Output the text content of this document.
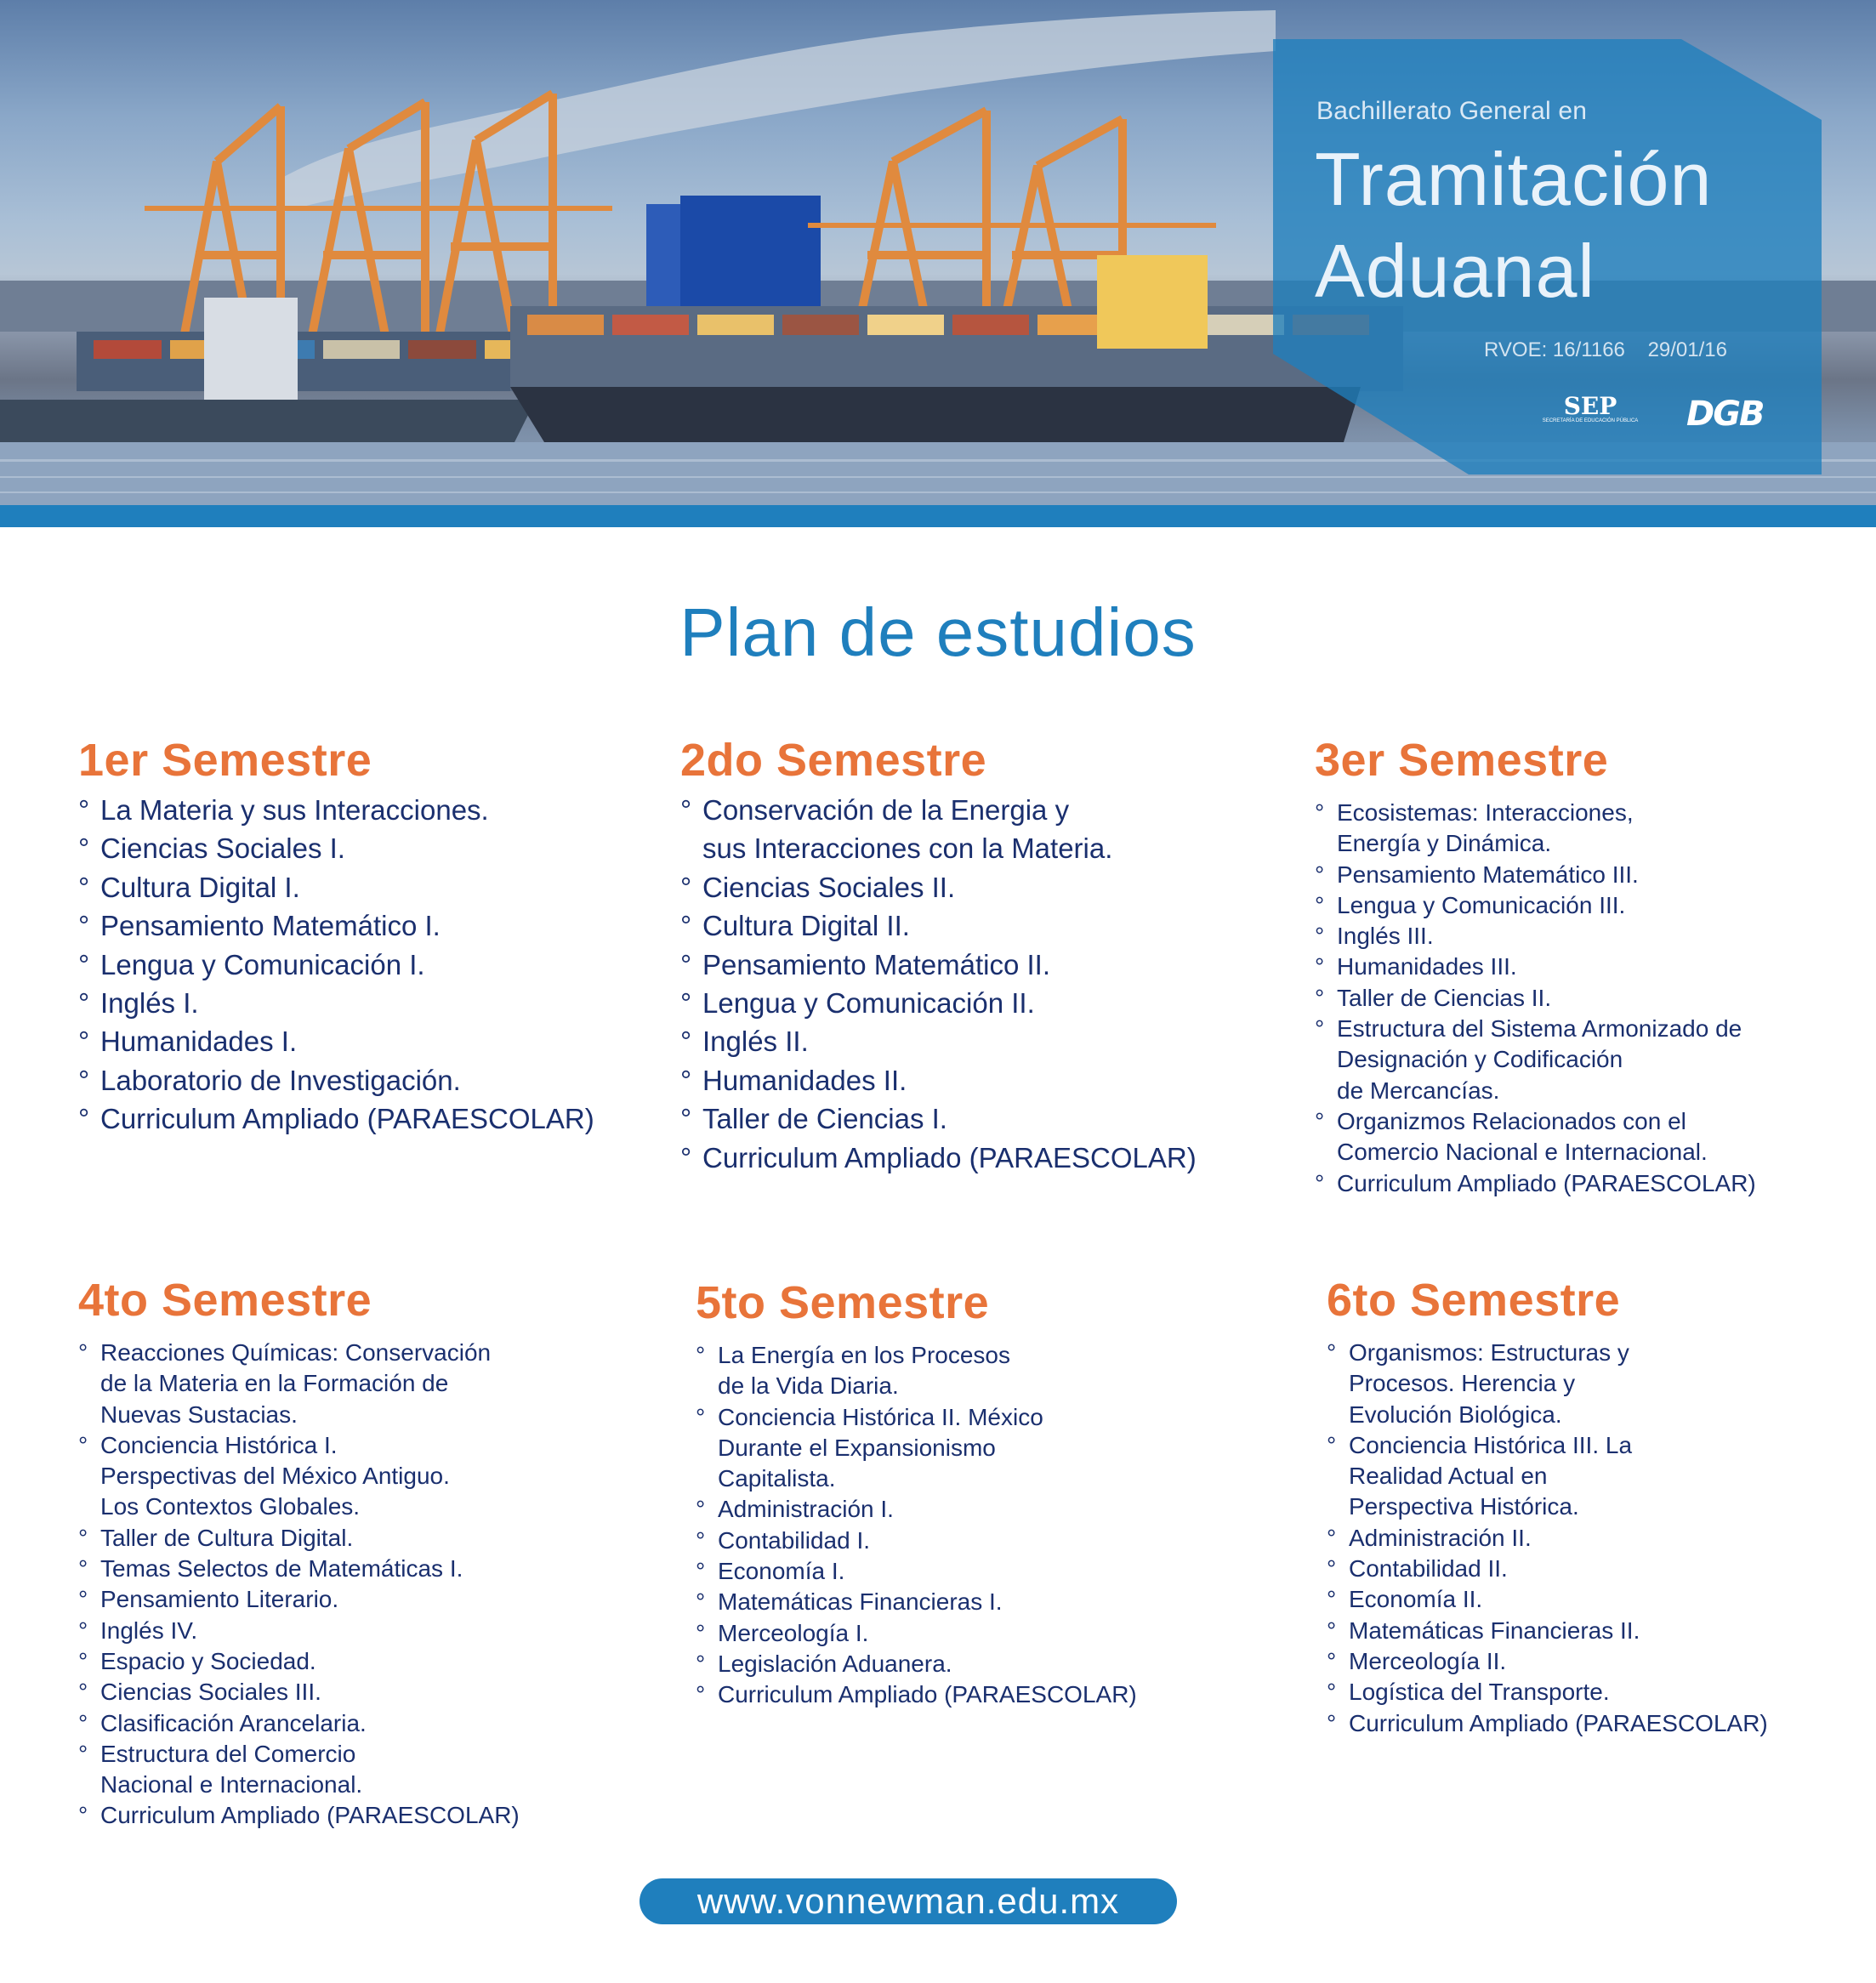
Bachillerato General en
Tramitación
Aduanal
RVOE: 16/1166    29/01/16
SEP
SECRETARÍA DE EDUCACIÓN PÚBLICA DGB
Plan de estudios
1er Semestre
° La Materia y sus Interacciones.
° Ciencias Sociales I.
° Cultura Digital I.
° Pensamiento Matemático I.
° Lengua y Comunicación I.
° Inglés I.
° Humanidades I.
° Laboratorio de Investigación.
° Curriculum Ampliado (PARAESCOLAR)
2do Semestre
° Conservación de la Energia y
sus Interacciones con la Materia.
° Ciencias Sociales II.
° Cultura Digital II.
° Pensamiento Matemático II.
° Lengua y Comunicación II.
° Inglés II.
° Humanidades II.
° Taller de Ciencias I.
° Curriculum Ampliado (PARAESCOLAR)
3er Semestre
° Ecosistemas: Interacciones,
Energía y Dinámica.
° Pensamiento Matemático III.
° Lengua y Comunicación III.
° Inglés III.
° Humanidades III.
° Taller de Ciencias II.
° Estructura del Sistema Armonizado de
Designación y Codificación
de Mercancías.
° Organizmos Relacionados con el
Comercio Nacional e Internacional.
° Curriculum Ampliado (PARAESCOLAR)
4to Semestre
° Reacciones Químicas: Conservación
de la Materia en la Formación de
Nuevas Sustacias.
° Conciencia Histórica I.
Perspectivas del México Antiguo.
Los Contextos Globales.
° Taller de Cultura Digital.
° Temas Selectos de Matemáticas I.
° Pensamiento Literario.
° Inglés IV.
° Espacio y Sociedad.
° Ciencias Sociales III.
° Clasificación Arancelaria.
° Estructura del Comercio
Nacional e Internacional.
° Curriculum Ampliado (PARAESCOLAR)
5to Semestre
° La Energía en los Procesos
de la Vida Diaria.
° Conciencia Histórica II. México
Durante el Expansionismo
Capitalista.
° Administración I.
° Contabilidad I.
° Economía I.
° Matemáticas Financieras I.
° Merceología I.
° Legislación Aduanera.
° Curriculum Ampliado (PARAESCOLAR)
6to Semestre
° Organismos: Estructuras y
Procesos. Herencia y
Evolución Biológica.
° Conciencia Histórica III. La
Realidad Actual en
Perspectiva Histórica.
° Administración II.
° Contabilidad II.
° Economía II.
° Matemáticas Financieras II.
° Merceología II.
° Logística del Transporte.
° Curriculum Ampliado (PARAESCOLAR)
www.vonnewman.edu.mx
